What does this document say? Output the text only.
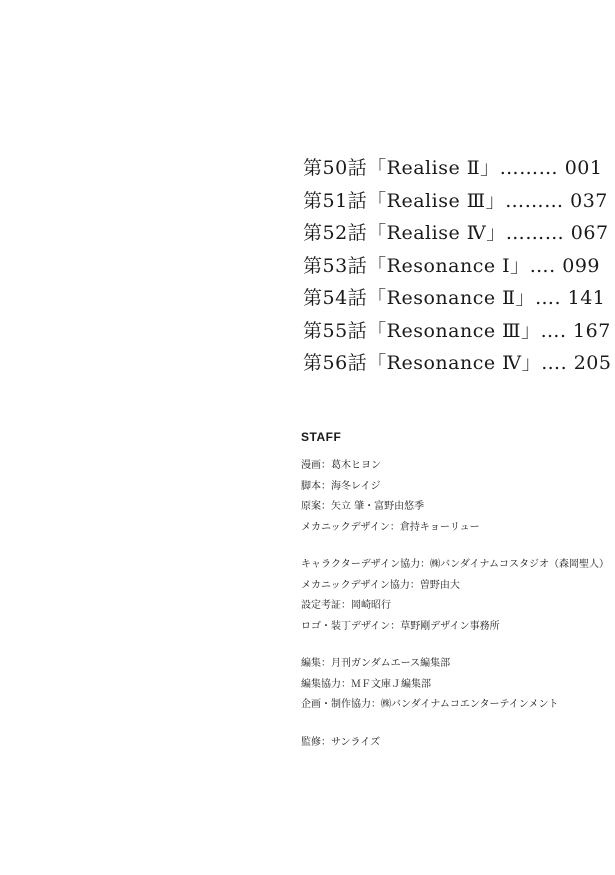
第50話「Realise Ⅱ」……… 001
第51話「Realise Ⅲ」……… 037
第52話「Realise Ⅳ」……… 067
第53話「Resonance Ⅰ」…. 099
第54話「Resonance Ⅱ」…. 141
第55話「Resonance Ⅲ」…. 167
第56話「Resonance Ⅳ」…. 205
STAFF
漫画：葛木ヒヨン
脚本：海冬レイジ
原案：矢立 肇・富野由悠季
メカニックデザイン：倉持キョーリュー
キャラクターデザイン協力：㈱バンダイナムコスタジオ（森岡聖人）
メカニックデザイン協力：曽野由大
設定考証：岡崎昭行
ロゴ・装丁デザイン：草野剛デザイン事務所
編集：月刊ガンダムエース編集部
編集協力：ＭＦ文庫Ｊ編集部
企画・制作協力：㈱バンダイナムコエンターテインメント
監修：サンライズ
